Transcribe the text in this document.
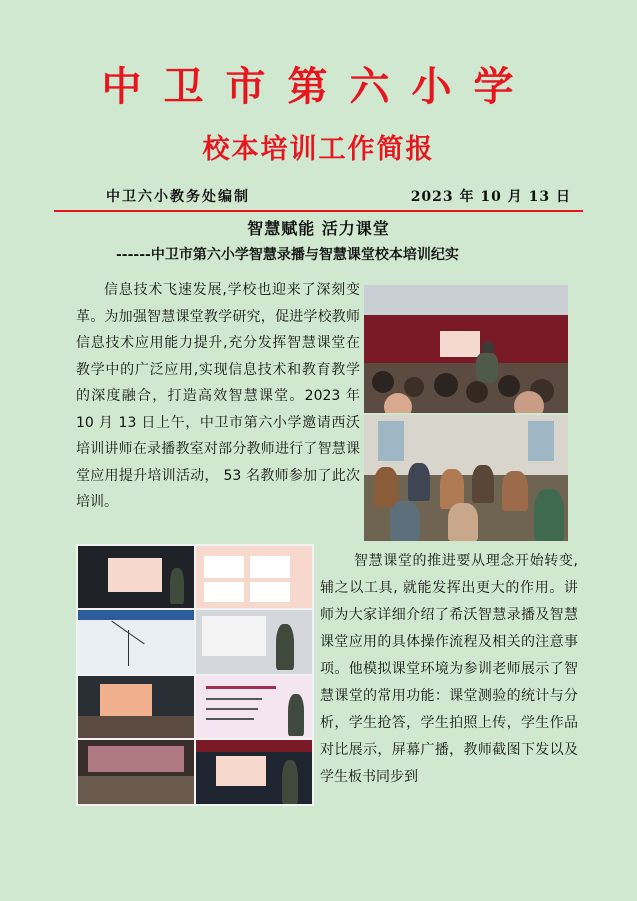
中卫市第六小学
校本培训工作简报
中卫六小教务处编制	2023 年 10 月 13 日
智慧赋能 活力课堂
------中卫市第六小学智慧录播与智慧课堂校本培训纪实
信息技术飞速发展,学校也迎来了深刻变革。为加强智慧课堂教学研究，促进学校教师信息技术应用能力提升,充分发挥智慧课堂在教学中的广泛应用,实现信息技术和教育教学的深度融合，打造高效智慧课堂。2023 年 10 月 13 日上午，中卫市第六小学邀请西沃培训讲师在录播教室对部分教师进行了智慧课堂应用提升培训活动， 53 名教师参加了此次培训。
智慧课堂的推进要从理念开始转变, 辅之以工具, 就能发挥出更大的作用。讲师为大家详细介绍了希沃智慧录播及智慧课堂应用的具体操作流程及相关的注意事项。他模拟课堂环境为参训老师展示了智慧课堂的常用功能：课堂测验的统计与分析，学生抢答，学生拍照上传，学生作品对比展示，屏幕广播，教师截图下发以及学生板书同步到
